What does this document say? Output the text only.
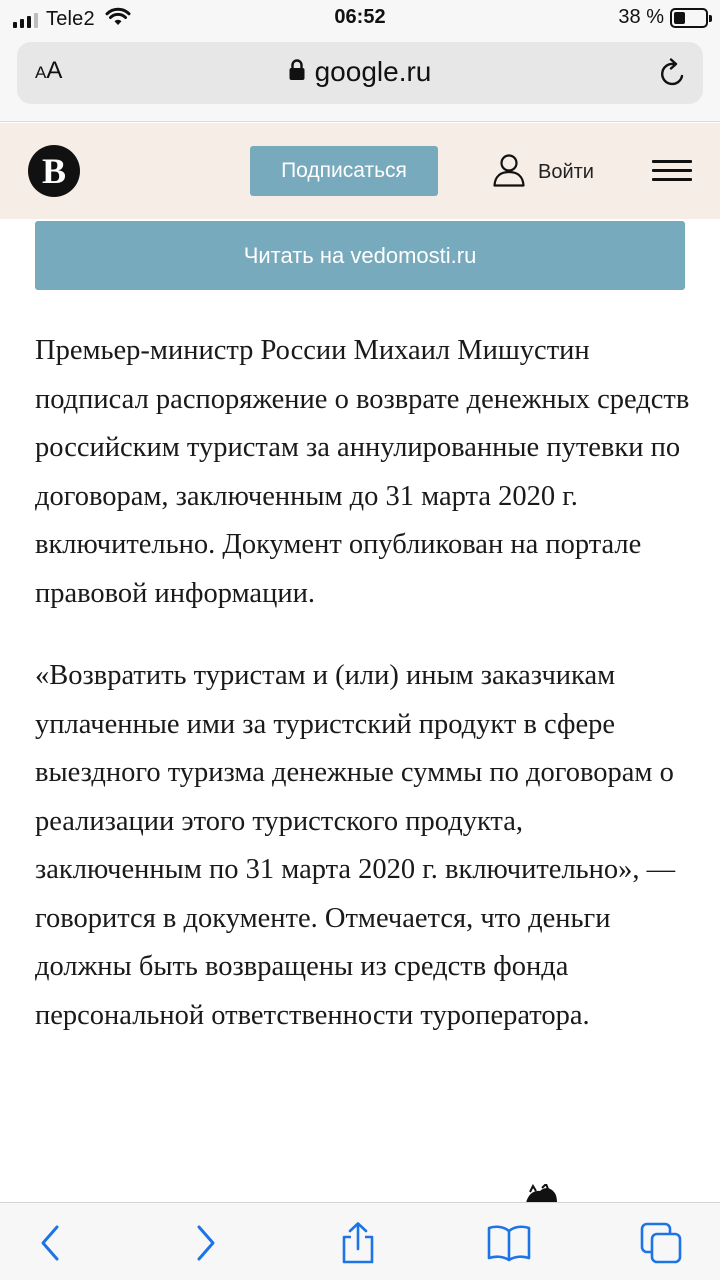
Tele2	06:52	38 %
AA	google.ru
B	Подписаться	Войти
Читать на vedomosti.ru

Премьер-министр России Михаил Мишустин подписал распоряжение о возврате денежных средств российским туристам за аннулированные путевки по договорам, заключенным до 31 марта 2020 г. включительно. Документ опубликован на портале правовой информации.

«Возвратить туристам и (или) иным заказчикам уплаченные ими за туристский продукт в сфере выездного туризма денежные суммы по договорам о реализации этого туристского продукта, заключенным по 31 марта 2020 г. включительно», — говорится в документе. Отмечается, что деньги должны быть возвращены из средств фонда персональной ответственности туроператора.
